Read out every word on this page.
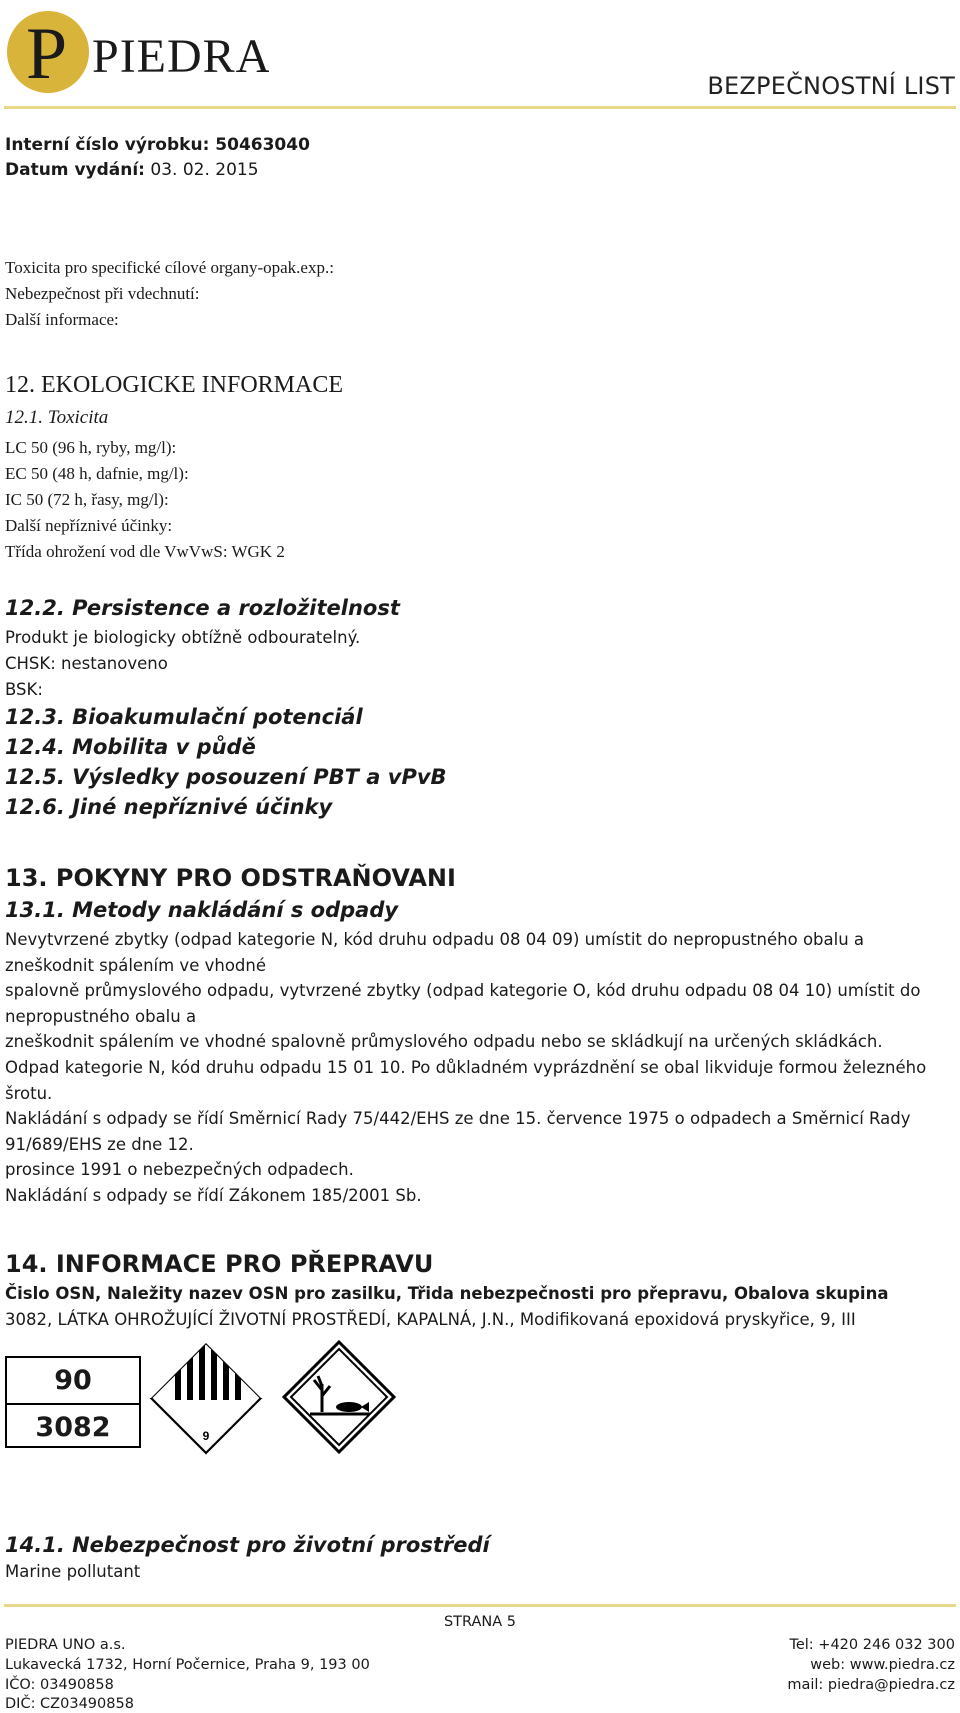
P PIEDRA
BEZPEČNOSTNÍ LIST
Interní číslo výrobku: 50463040
Datum vydání: 03. 02. 2015
Toxicita pro specifické cílové organy-opak.exp.:
Nebezpečnost při vdechnutí:
Další informace:
12. EKOLOGICKE INFORMACE
12.1. Toxicita
LC 50 (96 h, ryby, mg/l):
EC 50 (48 h, dafnie, mg/l):
IC 50 (72 h, řasy, mg/l):
Další nepříznivé účinky:
Třída ohrožení vod dle VwVwS: WGK 2
12.2. Persistence a rozložitelnost
Produkt je biologicky obtížně odbouratelný.
CHSK: nestanoveno
BSK:
12.3. Bioakumulační potenciál
12.4. Mobilita v půdě
12.5. Výsledky posouzení PBT a vPvB
12.6. Jiné nepříznivé účinky
13. POKYNY PRO ODSTRAŇOVANI
13.1. Metody nakládání s odpady
Nevytvrzené zbytky (odpad kategorie N, kód druhu odpadu 08 04 09) umístit do nepropustného obalu a
zneškodnit spálením ve vhodné
spalovně průmyslového odpadu, vytvrzené zbytky (odpad kategorie O, kód druhu odpadu 08 04 10) umístit do
nepropustného obalu a
zneškodnit spálením ve vhodné spalovně průmyslového odpadu nebo se skládkují na určených skládkách.
Odpad kategorie N, kód druhu odpadu 15 01 10. Po důkladném vyprázdnění se obal likviduje formou železného
šrotu.
Nakládání s odpady se řídí Směrnicí Rady 75/442/EHS ze dne 15. července 1975 o odpadech a Směrnicí Rady
91/689/EHS ze dne 12.
prosince 1991 o nebezpečných odpadech.
Nakládání s odpady se řídí Zákonem 185/2001 Sb.
14. INFORMACE PRO PŘEPRAVU
Čislo OSN, Naležity nazev OSN pro zasilku, Třida nebezpečnosti pro přepravu, Obalova skupina
3082, LÁTKA OHROŽUJÍCÍ ŽIVOTNÍ PROSTŘEDÍ, KAPALNÁ, J.N., Modifikovaná epoxidová pryskyřice, 9, III
90
3082	9
14.1. Nebezpečnost pro životní prostředí
Marine pollutant
STRANA 5
PIEDRA UNO a.s.
Lukavecká 1732, Horní Počernice, Praha 9, 193 00
IČO: 03490858
DIČ: CZ03490858
Tel: +420 246 032 300
web: www.piedra.cz
mail: piedra@piedra.cz
